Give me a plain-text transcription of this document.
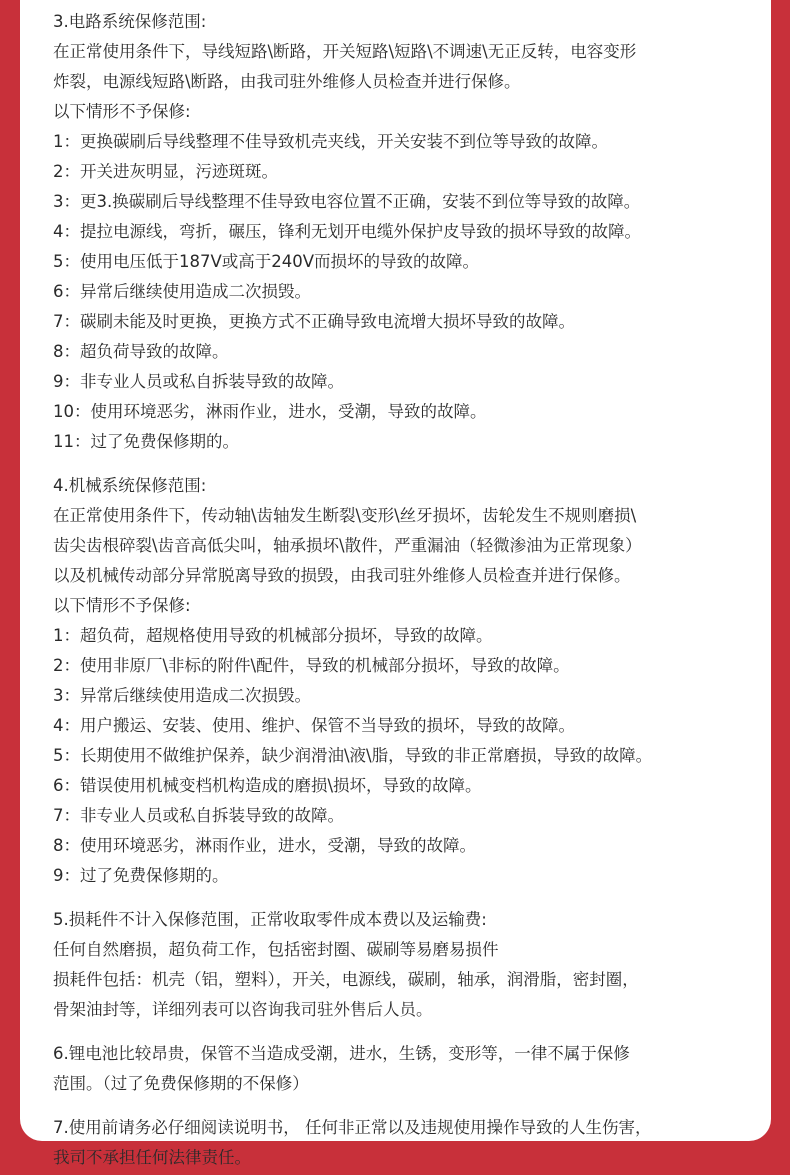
3.电路系统保修范围:
在正常使用条件下，导线短路\断路，开关短路\短路\不调速\无正反转，电容变形
炸裂，电源线短路\断路，由我司驻外维修人员检查并进行保修。
以下情形不予保修:
1：更换碳刷后导线整理不佳导致机壳夹线，开关安装不到位等导致的故障。
2：开关进灰明显，污迹斑斑。
3：更3.换碳刷后导线整理不佳导致电容位置不正确，安装不到位等导致的故障。
4：提拉电源线，弯折，碾压，锋利无划开电缆外保护皮导致的损坏导致的故障。
5：使用电压低于187V或高于240V而损坏的导致的故障。
6：异常后继续使用造成二次损毁。
7：碳刷未能及时更换，更换方式不正确导致电流增大损坏导致的故障。
8：超负荷导致的故障。
9：非专业人员或私自拆装导致的故障。
10：使用环境恶劣，淋雨作业，进水，受潮，导致的故障。
11：过了免费保修期的。
4.机械系统保修范围:
在正常使用条件下，传动轴\齿轴发生断裂\变形\丝牙损坏，齿轮发生不规则磨损\
齿尖齿根碎裂\齿音高低尖叫，轴承损坏\散件，严重漏油（轻微渗油为正常现象）
以及机械传动部分异常脱离导致的损毁，由我司驻外维修人员检查并进行保修。
以下情形不予保修:
1：超负荷，超规格使用导致的机械部分损坏，导致的故障。
2：使用非原厂\非标的附件\配件，导致的机械部分损坏，导致的故障。
3：异常后继续使用造成二次损毁。
4：用户搬运、安装、使用、维护、保管不当导致的损坏，导致的故障。
5：长期使用不做维护保养，缺少润滑油\液\脂，导致的非正常磨损，导致的故障。
6：错误使用机械变档机构造成的磨损\损坏，导致的故障。
7：非专业人员或私自拆装导致的故障。
8：使用环境恶劣，淋雨作业，进水，受潮，导致的故障。
9：过了免费保修期的。
5.损耗件不计入保修范围，正常收取零件成本费以及运输费:
任何自然磨损，超负荷工作，包括密封圈、碳刷等易磨易损件
损耗件包括：机壳（铝，塑料），开关，电源线，碳刷，轴承，润滑脂，密封圈，
骨架油封等，详细列表可以咨询我司驻外售后人员。
6.锂电池比较昂贵，保管不当造成受潮，进水，生锈，变形等，一律不属于保修
范围。（过了免费保修期的不保修）
7.使用前请务必仔细阅读说明书， 任何非正常以及违规使用操作导致的人生伤害，
我司不承担任何法律责任。
